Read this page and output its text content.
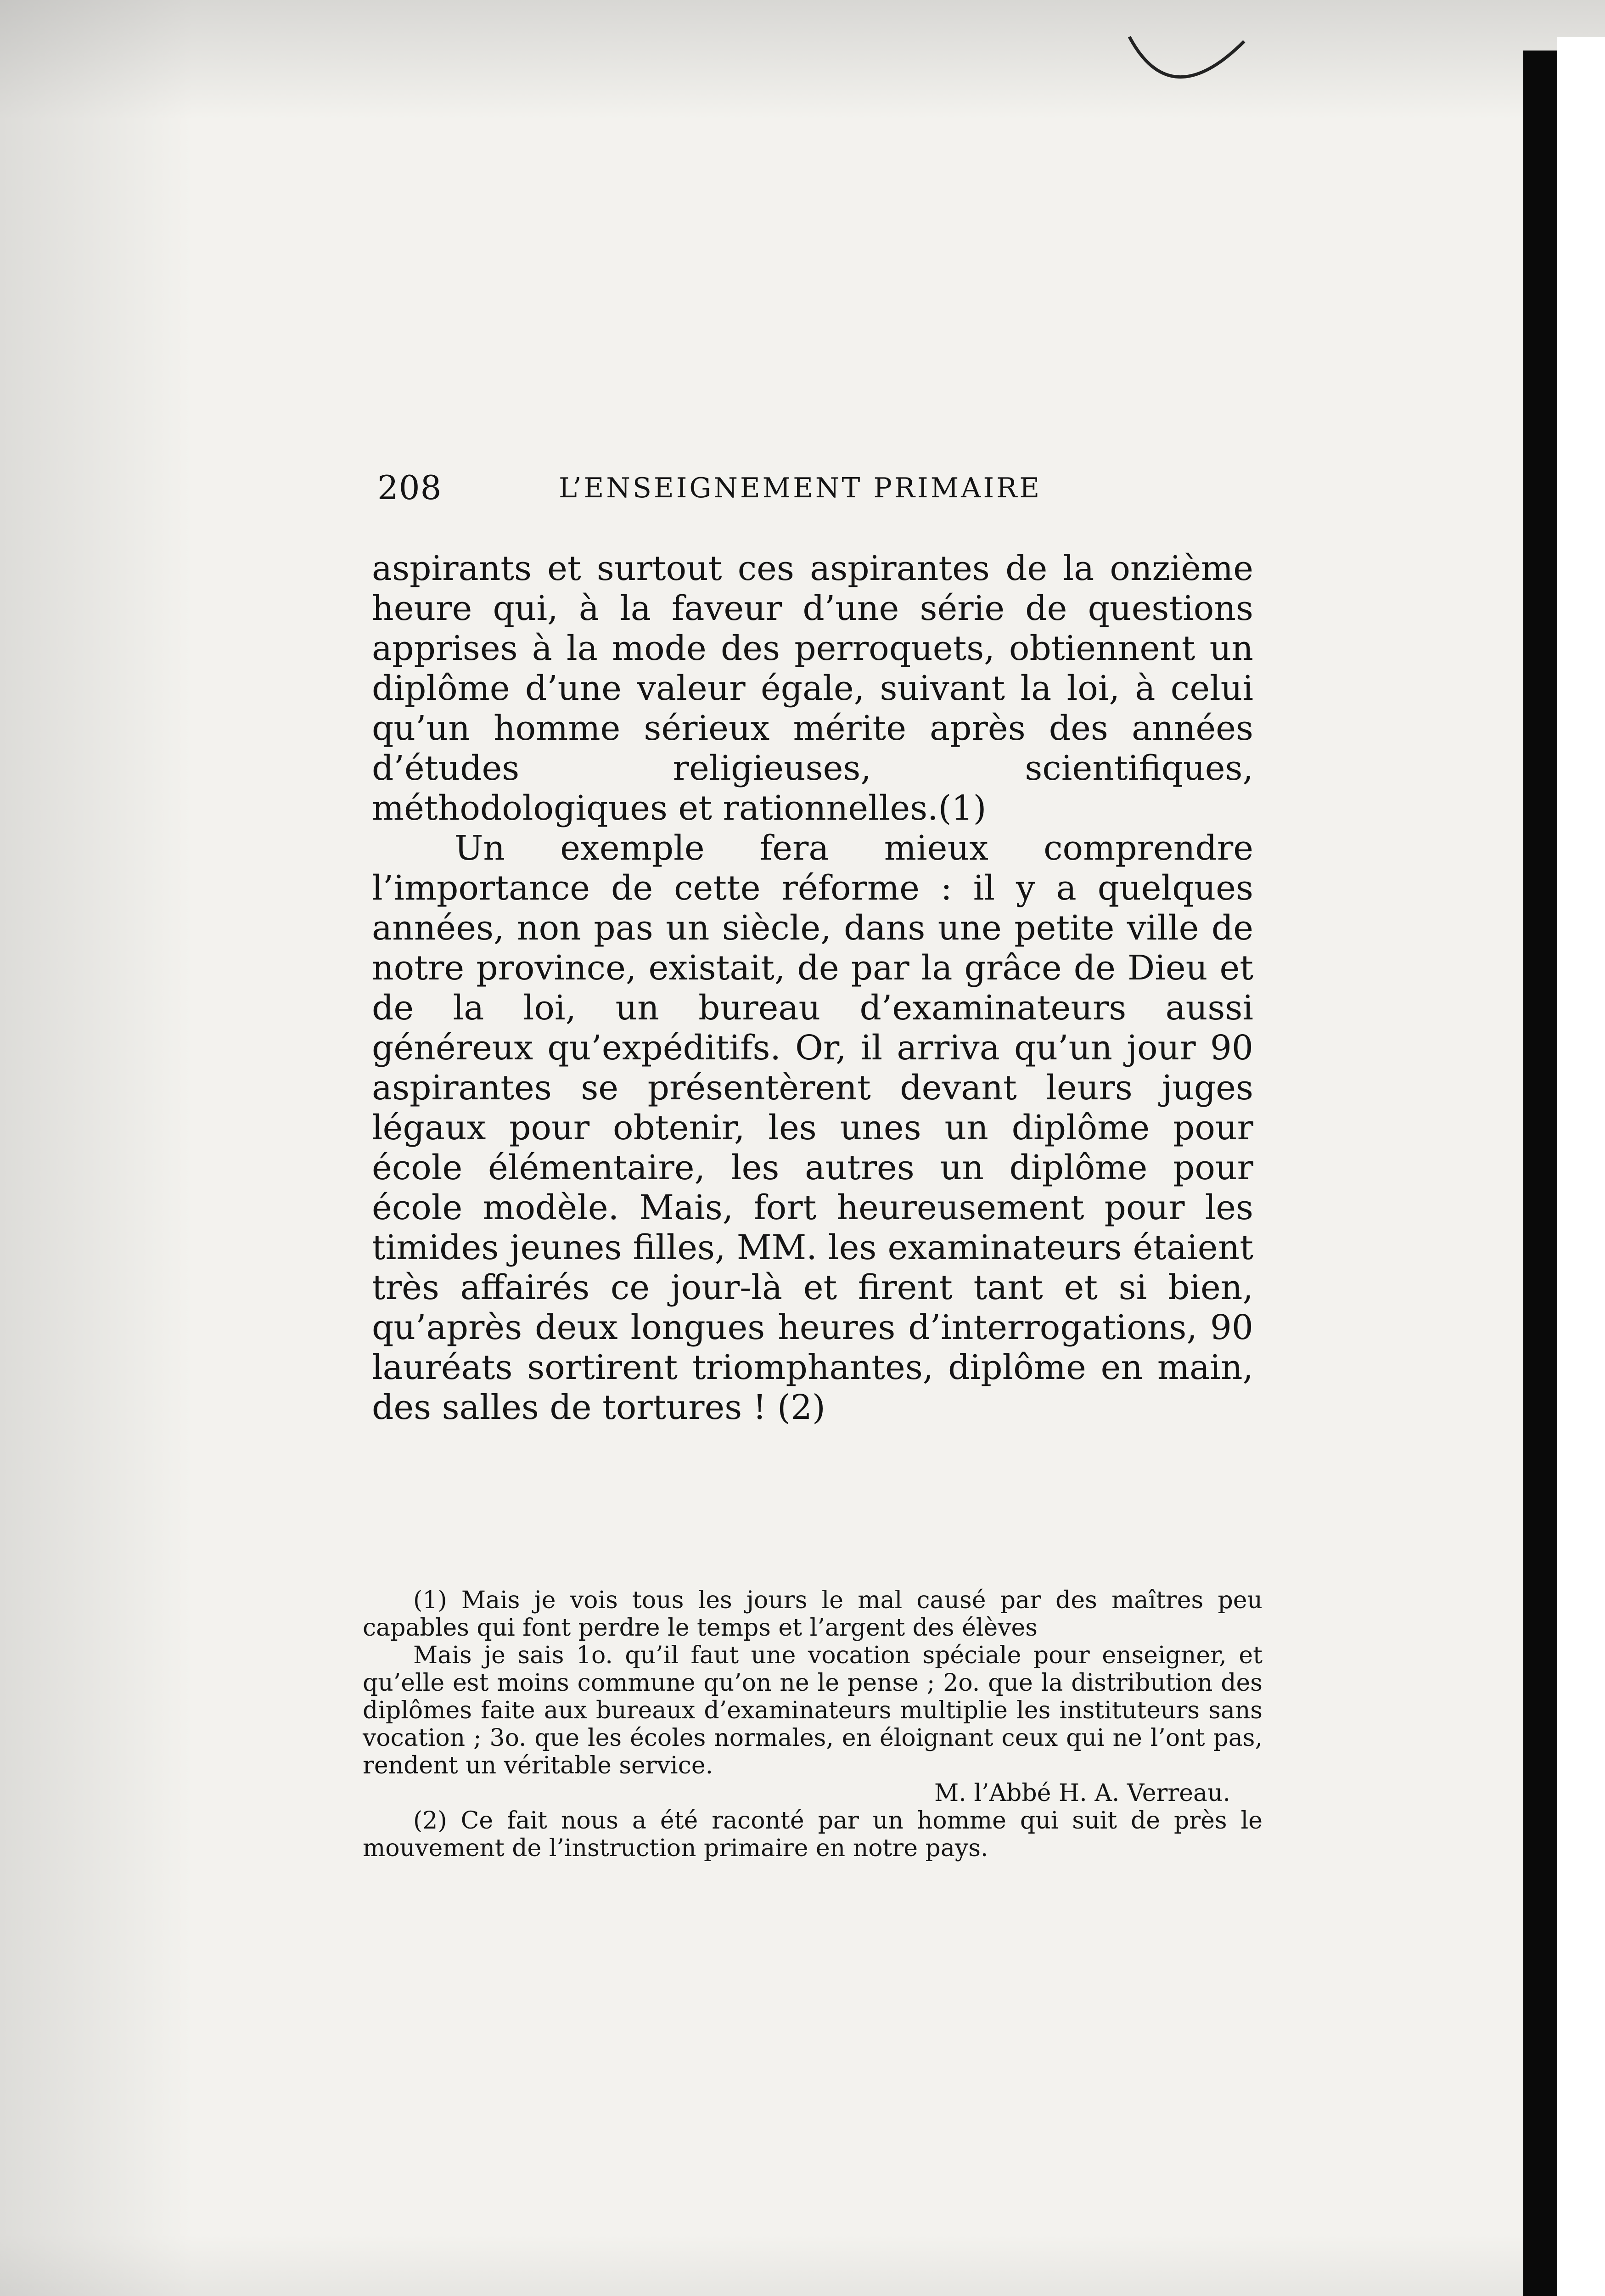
208	L’ENSEIGNEMENT PRIMAIRE

aspirants et surtout ces aspirantes de la onzième heure qui, à la faveur d’une série de questions apprises à la mode des perroquets, obtiennent un diplôme d’une valeur égale, suivant la loi, à celui qu’un homme sérieux mérite après des années d’études religieuses, scientifiques, méthodologiques et rationnelles.(1)

Un exemple fera mieux comprendre l’importance de cette réforme : il y a quelques années, non pas un siècle, dans une petite ville de notre province, existait, de par la grâce de Dieu et de la loi, un bureau d’examinateurs aussi généreux qu’expéditifs. Or, il arriva qu’un jour 90 aspirantes se présentèrent devant leurs juges légaux pour obtenir, les unes un diplôme pour école élémentaire, les autres un diplôme pour école modèle. Mais, fort heureusement pour les timides jeunes filles, MM. les examinateurs étaient très affairés ce jour-là et firent tant et si bien, qu’après deux longues heures d’interrogations, 90 lauréats sortirent triomphantes, diplôme en main, des salles de tortures ! (2)

(1) Mais je vois tous les jours le mal causé par des maîtres peu capables qui font perdre le temps et l’argent des élèves

Mais je sais 1o. qu’il faut une vocation spéciale pour enseigner, et qu’elle est moins commune qu’on ne le pense ; 2o. que la distribution des diplômes faite aux bureaux d’examinateurs multiplie les instituteurs sans vocation ; 3o. que les écoles normales, en éloignant ceux qui ne l’ont pas, rendent un véritable service.

M. l’Abbé H. A. Verreau.

(2) Ce fait nous a été raconté par un homme qui suit de près le mouvement de l’instruction primaire en notre pays.
